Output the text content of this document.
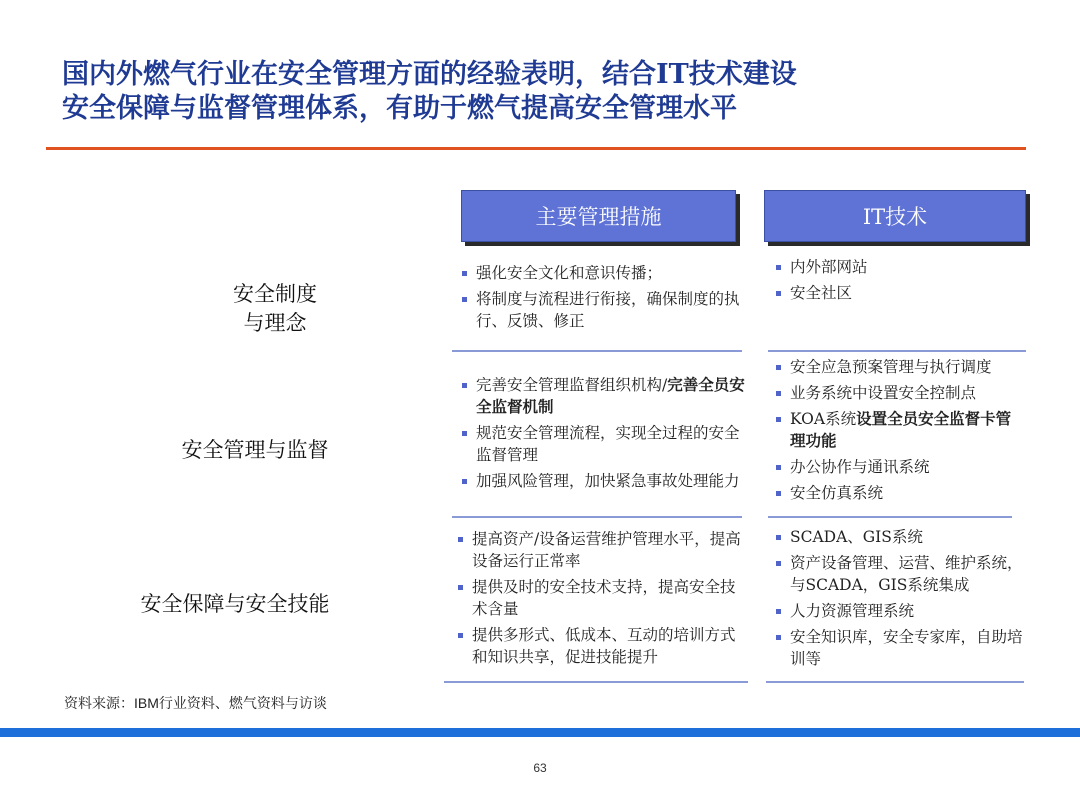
国内外燃气行业在安全管理方面的经验表明，结合IT技术建设
安全保障与监督管理体系，有助于燃气提高安全管理水平
主要管理措施	IT技术
安全制度
与理念
强化安全文化和意识传播；
将制度与流程进行衔接，确保制度的执行、反馈、修正
内外部网站
安全社区
安全管理与监督
完善安全管理监督组织机构/完善全员安全监督机制
规范安全管理流程，实现全过程的安全监督管理
加强风险管理，加快紧急事故处理能力
安全应急预案管理与执行调度
业务系统中设置安全控制点
KOA系统设置全员安全监督卡管理功能
办公协作与通讯系统
安全仿真系统
安全保障与安全技能
提高资产/设备运营维护管理水平，提高设备运行正常率
提供及时的安全技术支持，提高安全技术含量
提供多形式、低成本、互动的培训方式和知识共享，促进技能提升
SCADA、GIS系统
资产设备管理、运营、维护系统，与SCADA，GIS系统集成
人力资源管理系统
安全知识库，安全专家库，自助培训等
资料来源：IBM行业资料、燃气资料与访谈
63
